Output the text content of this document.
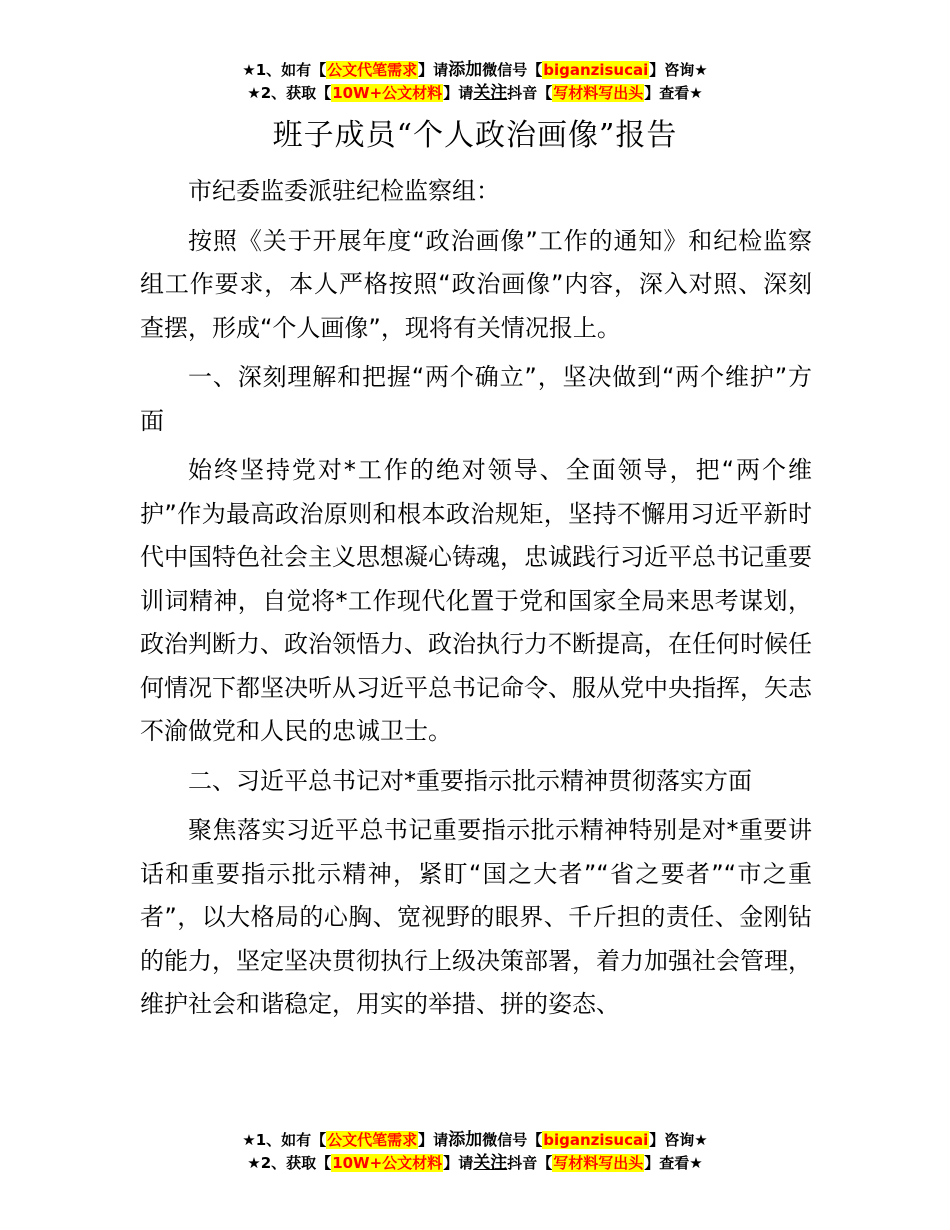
★1、如有【公文代笔需求】请添加微信号【biganzisucai】咨询★
★2、获取【10W+公文材料】请关注抖音【写材料写出头】查看★
班子成员“个人政治画像”报告

市纪委监委派驻纪检监察组：

按照《关于开展年度“政治画像”工作的通知》和纪检监察组工作要求，本人严格按照“政治画像”内容，深入对照、深刻查摆，形成“个人画像”，现将有关情况报上。

一、深刻理解和把握“两个确立”，坚决做到“两个维护”方面

始终坚持党对*工作的绝对领导、全面领导，把“两个维护”作为最高政治原则和根本政治规矩，坚持不懈用习近平新时代中国特色社会主义思想凝心铸魂，忠诚践行习近平总书记重要训词精神，自觉将*工作现代化置于党和国家全局来思考谋划，政治判断力、政治领悟力、政治执行力不断提高，在任何时候任何情况下都坚决听从习近平总书记命令、服从党中央指挥，矢志不渝做党和人民的忠诚卫士。

二、习近平总书记对*重要指示批示精神贯彻落实方面

聚焦落实习近平总书记重要指示批示精神特别是对*重要讲话和重要指示批示精神，紧盯“国之大者”“省之要者”“市之重者”，以大格局的心胸、宽视野的眼界、千斤担的责任、金刚钻的能力，坚定坚决贯彻执行上级决策部署，着力加强社会管理，维护社会和谐稳定，用实的举措、拼的姿态、

★1、如有【公文代笔需求】请添加微信号【biganzisucai】咨询★
★2、获取【10W+公文材料】请关注抖音【写材料写出头】查看★
